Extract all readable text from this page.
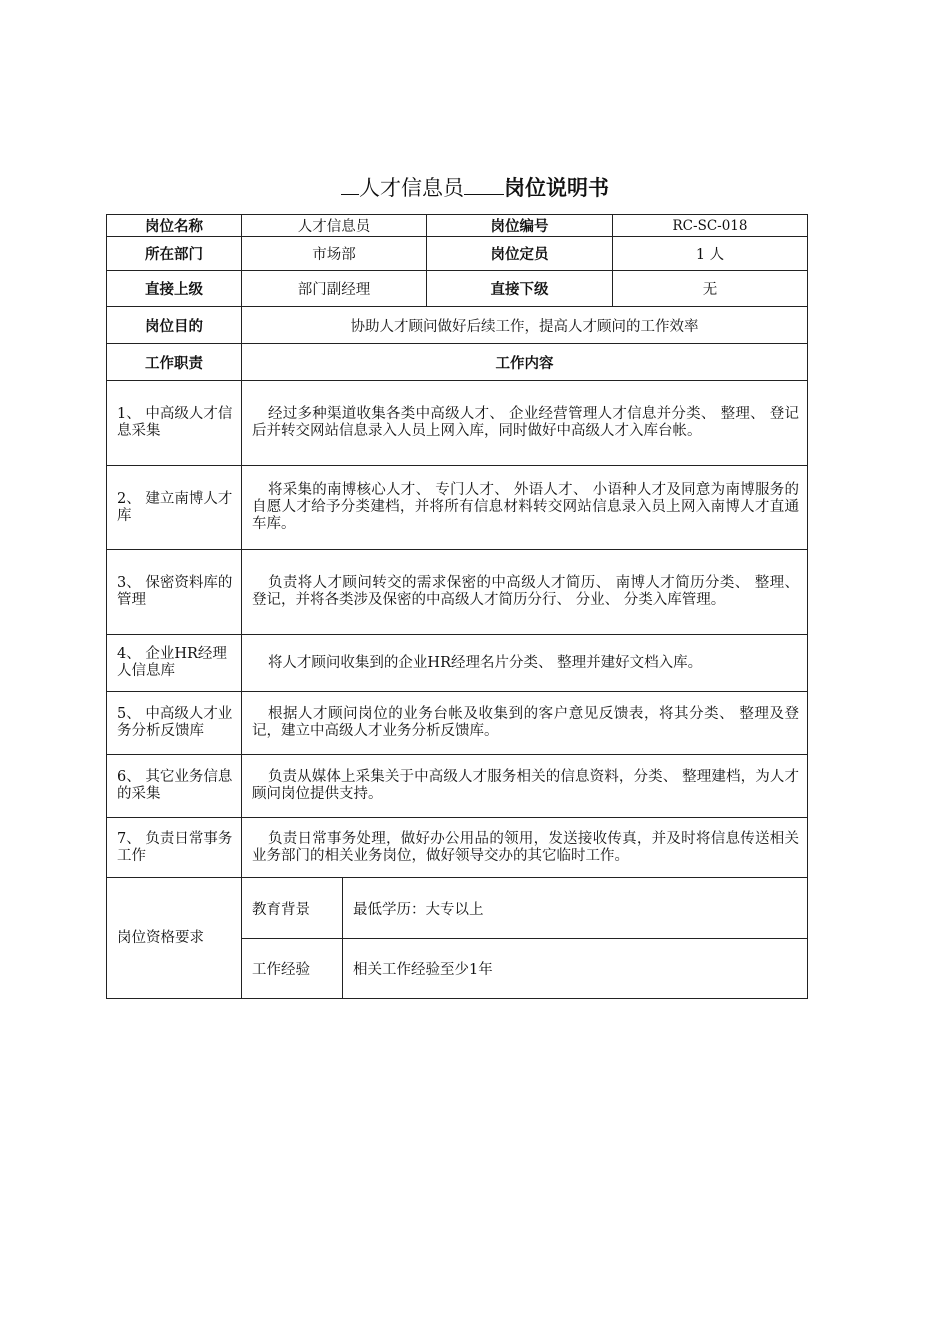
人才信息员 岗位说明书
岗位名称	人才信息员		岗位编号	RC-SC-018
所在部门	市场部		岗位定员	1 人
直接上级	部门副经理		直接下级	无
岗位目的	协助人才顾问做好后续工作，提高人才顾问的工作效率			
工作职责	工作内容			
1、 中高级人才信息采集	经过多种渠道收集各类中高级人才、 企业经营管理人才信息并分类、 整理、 登记后并转交网站信息录入人员上网入库，同时做好中高级人才入库台帐。			
2、 建立南博人才库	将采集的南博核心人才、 专门人才、 外语人才、 小语种人才及同意为南博服务的自愿人才给予分类建档，并将所有信息材料转交网站信息录入员上网入南博人才直通车库。			
3、 保密资料库的管理	负责将人才顾问转交的需求保密的中高级人才简历、 南博人才简历分类、 整理、 登记，并将各类涉及保密的中高级人才简历分行、 分业、 分类入库管理。			
4、 企业HR经理人信息库	将人才顾问收集到的企业HR经理名片分类、 整理并建好文档入库。			
5、 中高级人才业务分析反馈库	根据人才顾问岗位的业务台帐及收集到的客户意见反馈表，将其分类、 整理及登记，建立中高级人才业务分析反馈库。			
6、 其它业务信息的采集	负责从媒体上采集关于中高级人才服务相关的信息资料，分类、 整理建档，为人才顾问岗位提供支持。			
7、 负责日常事务工作	负责日常事务处理，做好办公用品的领用，发送接收传真，并及时将信息传送相关业务部门的相关业务岗位，做好领导交办的其它临时工作。			
岗位资格要求	教育背景	最低学历：大专以上		
	工作经验	相关工作经验至少1年		
